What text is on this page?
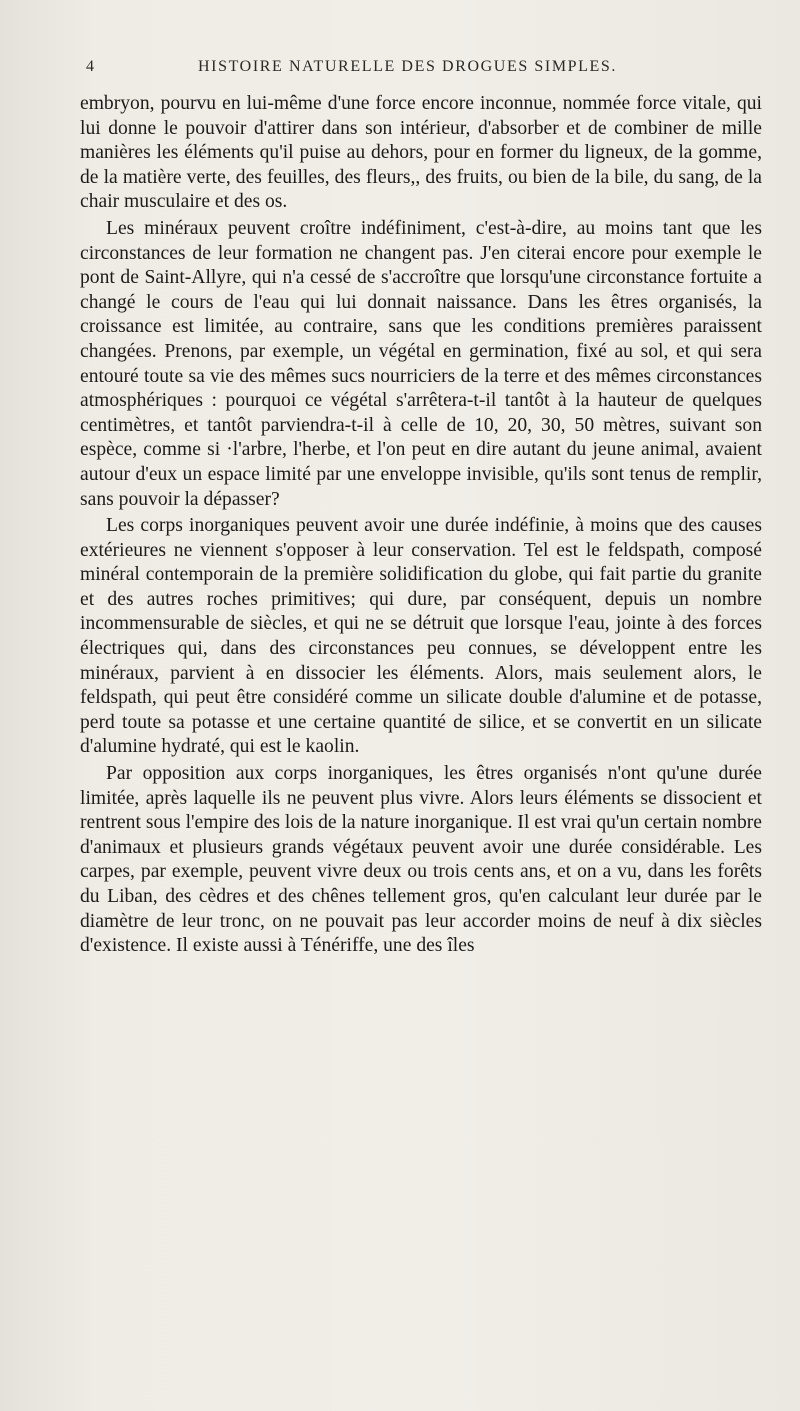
4	HISTOIRE NATURELLE DES DROGUES SIMPLES.

embryon, pourvu en lui-même d'une force encore inconnue, nommée force vitale, qui lui donne le pouvoir d'attirer dans son intérieur, d'absorber et de combiner de mille manières les éléments qu'il puise au dehors, pour en former du ligneux, de la gomme, de la matière verte, des feuilles, des fleurs,, des fruits, ou bien de la bile, du sang, de la chair musculaire et des os.

Les minéraux peuvent croître indéfiniment, c'est-à-dire, au moins tant que les circonstances de leur formation ne changent pas. J'en citerai encore pour exemple le pont de Saint-Allyre, qui n'a cessé de s'accroître que lorsqu'une circonstance fortuite a changé le cours de l'eau qui lui donnait naissance. Dans les êtres organisés, la croissance est limitée, au contraire, sans que les conditions premières paraissent changées. Prenons, par exemple, un végétal en germination, fixé au sol, et qui sera entouré toute sa vie des mêmes sucs nourriciers de la terre et des mêmes circonstances atmosphériques : pourquoi ce végétal s'arrêtera-t-il tantôt à la hauteur de quelques centimètres, et tantôt parviendra-t-il à celle de 10, 20, 30, 50 mètres, suivant son espèce, comme si ·l'arbre, l'herbe, et l'on peut en dire autant du jeune animal, avaient autour d'eux un espace limité par une enveloppe invisible, qu'ils sont tenus de remplir, sans pouvoir la dépasser?

Les corps inorganiques peuvent avoir une durée indéfinie, à moins que des causes extérieures ne viennent s'opposer à leur conservation. Tel est le feldspath, composé minéral contemporain de la première solidification du globe, qui fait partie du granite et des autres roches primitives; qui dure, par conséquent, depuis un nombre incommensurable de siècles, et qui ne se détruit que lorsque l'eau, jointe à des forces électriques qui, dans des circonstances peu connues, se développent entre les minéraux, parvient à en dissocier les éléments. Alors, mais seulement alors, le feldspath, qui peut être considéré comme un silicate double d'alumine et de potasse, perd toute sa potasse et une certaine quantité de silice, et se convertit en un silicate d'alumine hydraté, qui est le kaolin.

Par opposition aux corps inorganiques, les êtres organisés n'ont qu'une durée limitée, après laquelle ils ne peuvent plus vivre. Alors leurs éléments se dissocient et rentrent sous l'empire des lois de la nature inorganique. Il est vrai qu'un certain nombre d'animaux et plusieurs grands végétaux peuvent avoir une durée considérable. Les carpes, par exemple, peuvent vivre deux ou trois cents ans, et on a vu, dans les forêts du Liban, des cèdres et des chênes tellement gros, qu'en calculant leur durée par le diamètre de leur tronc, on ne pouvait pas leur accorder moins de neuf à dix siècles d'existence. Il existe aussi à Ténériffe, une des îles
